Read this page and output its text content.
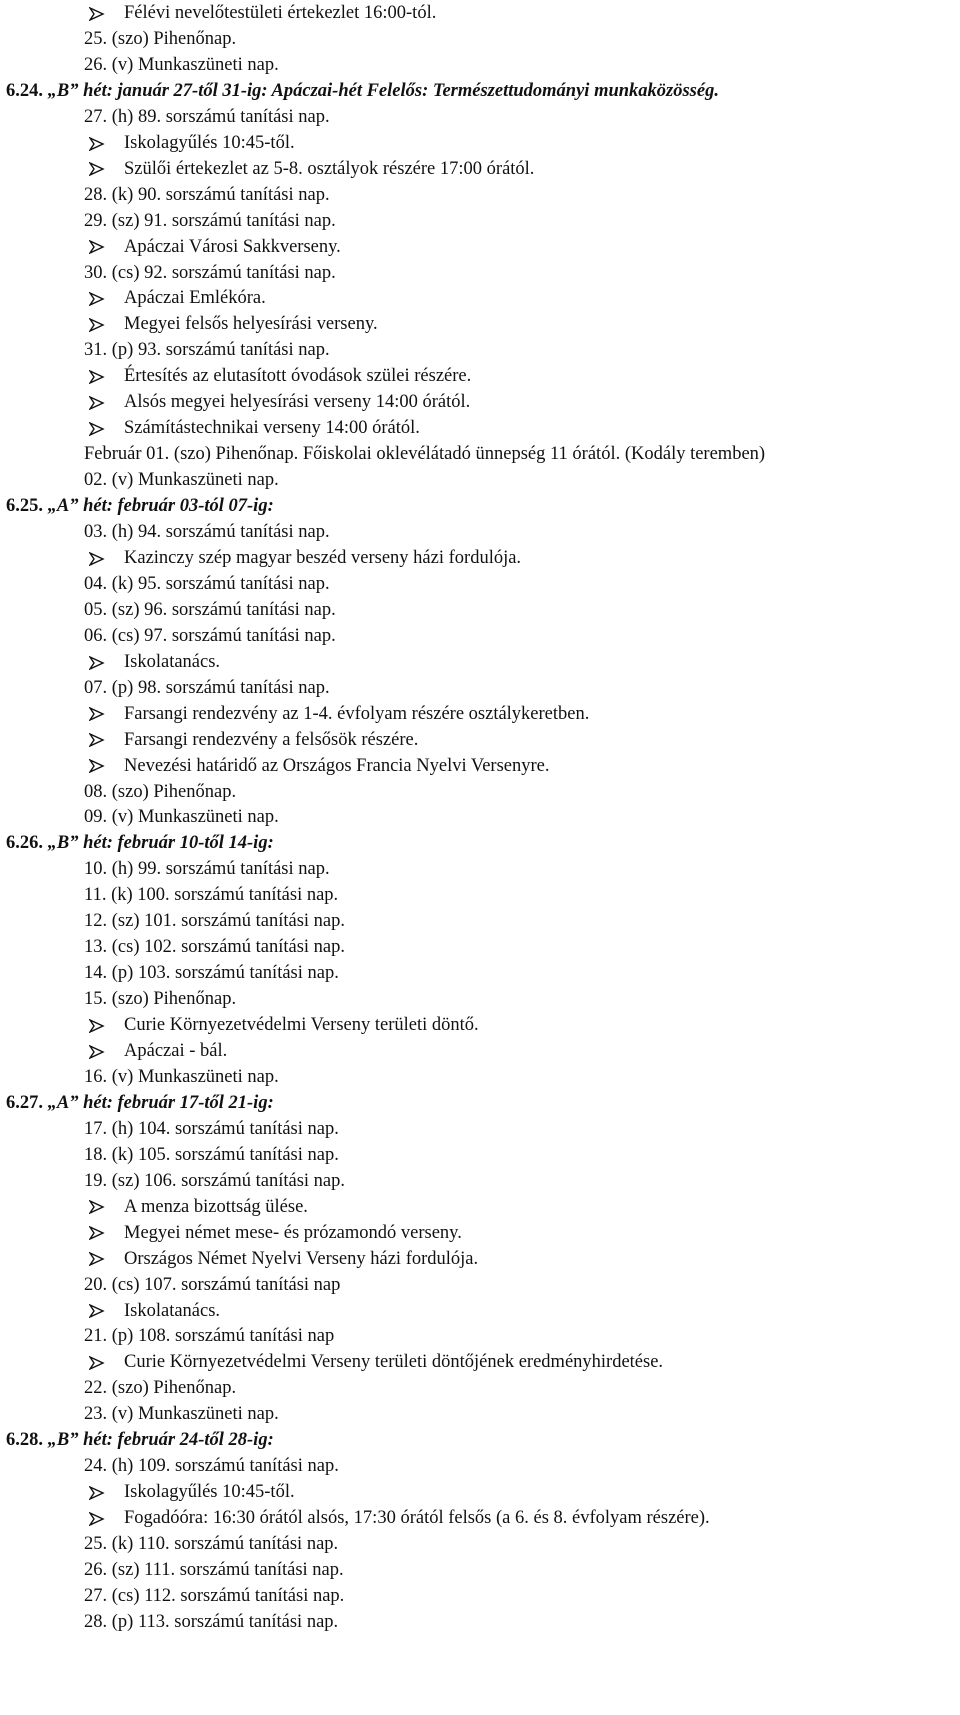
Félévi nevelőtestületi értekezlet 16:00-tól.
25. (szo) Pihenőnap.
26. (v) Munkaszüneti nap.
6.24. „B” hét: január 27-től 31-ig: Apáczai-hét Felelős: Természettudományi munkaközösség.
27. (h) 89. sorszámú tanítási nap.
Iskolagyűlés 10:45-től.
Szülői értekezlet az 5-8. osztályok részére 17:00 órától.
28. (k) 90. sorszámú tanítási nap.
29. (sz) 91. sorszámú tanítási nap.
Apáczai Városi Sakkverseny.
30. (cs) 92. sorszámú tanítási nap.
Apáczai Emlékóra.
Megyei felsős helyesírási verseny.
31. (p) 93. sorszámú tanítási nap.
Értesítés az elutasított óvodások szülei részére.
Alsós megyei helyesírási verseny 14:00 órától.
Számítástechnikai verseny 14:00 órától.
Február 01. (szo) Pihenőnap. Főiskolai oklevélátadó ünnepség 11 órától. (Kodály teremben)
02. (v) Munkaszüneti nap.
6.25. „A” hét: február 03-tól 07-ig:
03. (h) 94. sorszámú tanítási nap.
Kazinczy szép magyar beszéd verseny házi fordulója.
04. (k) 95. sorszámú tanítási nap.
05. (sz) 96. sorszámú tanítási nap.
06. (cs) 97. sorszámú tanítási nap.
Iskolatanács.
07. (p) 98. sorszámú tanítási nap.
Farsangi rendezvény az 1-4. évfolyam részére osztálykeretben.
Farsangi rendezvény a felsősök részére.
Nevezési határidő az Országos Francia Nyelvi Versenyre.
08. (szo) Pihenőnap.
09. (v) Munkaszüneti nap.
6.26. „B” hét: február 10-től 14-ig:
10. (h) 99. sorszámú tanítási nap.
11. (k) 100. sorszámú tanítási nap.
12. (sz) 101. sorszámú tanítási nap.
13. (cs) 102. sorszámú tanítási nap.
14. (p) 103. sorszámú tanítási nap.
15. (szo) Pihenőnap.
Curie Környezetvédelmi Verseny területi döntő.
Apáczai - bál.
16. (v) Munkaszüneti nap.
6.27. „A” hét: február 17-től 21-ig:
17. (h) 104. sorszámú tanítási nap.
18. (k) 105. sorszámú tanítási nap.
19. (sz) 106. sorszámú tanítási nap.
A menza bizottság ülése.
Megyei német mese- és prózamondó verseny.
Országos Német Nyelvi Verseny házi fordulója.
20. (cs) 107. sorszámú tanítási nap
Iskolatanács.
21. (p) 108. sorszámú tanítási nap
Curie Környezetvédelmi Verseny területi döntőjének eredményhirdetése.
22. (szo) Pihenőnap.
23. (v) Munkaszüneti nap.
6.28. „B” hét: február 24-től 28-ig:
24. (h) 109. sorszámú tanítási nap.
Iskolagyűlés 10:45-től.
Fogadóóra: 16:30 órától alsós, 17:30 órától felsős (a 6. és 8. évfolyam részére).
25. (k) 110. sorszámú tanítási nap.
26. (sz) 111. sorszámú tanítási nap.
27. (cs) 112. sorszámú tanítási nap.
28. (p) 113. sorszámú tanítási nap.
